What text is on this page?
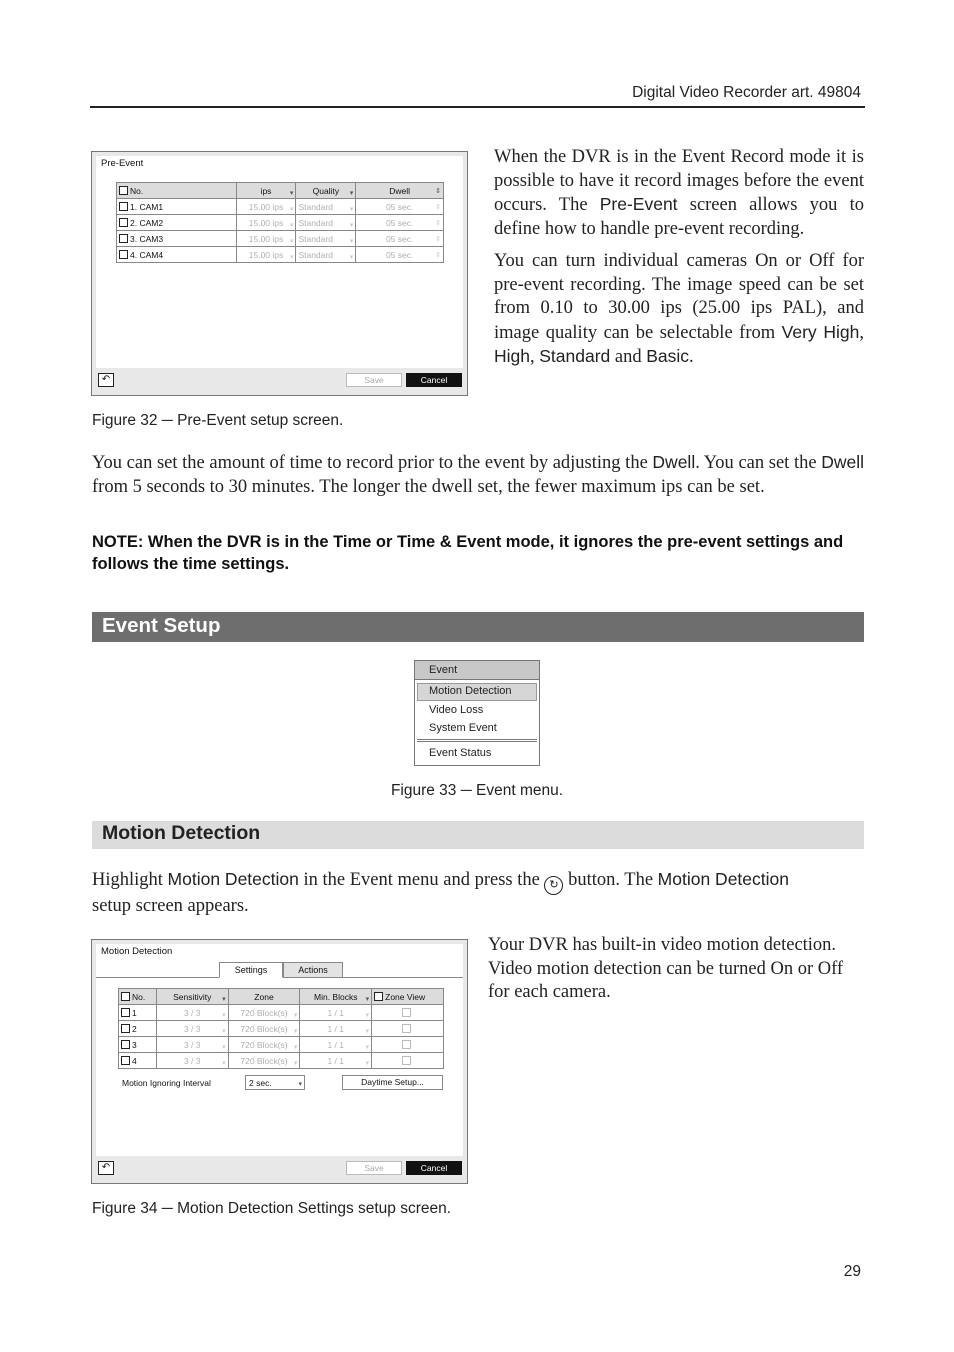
Digital Video Recorder art. 49804
Pre-Event
No.	ips ▾	Quality ▾	Dwell ⇕

1. CAM1	15.00 ips ▾	Standard ▾	05 sec. ⇕

2. CAM2	15.00 ips ▾	Standard ▾	05 sec. ⇕

3. CAM3	15.00 ips ▾	Standard ▾	05 sec. ⇕

4. CAM4	15.00 ips ▾	Standard ▾	05 sec. ⇕
↶	Save	Cancel
Figure 32 ─ Pre-Event setup screen.
When the DVR is in the Event Record mode it is possible to have it record images before the event occurs. The Pre-Event screen allows you to define how to handle pre-event recording.
You can turn individual cameras On or Off for pre-event recording. The image speed can be set from 0.10 to 30.00 ips (25.00 ips PAL), and image quality can be selectable from Very High, High, Standard and Basic.
You can set the amount of time to record prior to the event by adjusting the Dwell. You can set the Dwell from 5 seconds to 30 minutes. The longer the dwell set, the fewer maximum ips can be set.
NOTE: When the DVR is in the Time or Time & Event mode, it ignores the pre-event settings and follows the time settings.
Event Setup
Event
Motion Detection
Video Loss
System Event
Event Status
Figure 33 ─ Event menu.
Motion Detection
Highlight Motion Detection in the Event menu and press the ↻ button. The Motion Detection
setup screen appears.
Motion Detection
Settings	Actions
No.	Sensitivity ▾	Zone	Min. Blocks ▾	Zone View
1	3 / 3 ▾	720 Block(s) ▾	1 / 1 ▾	

2	3 / 3 ▾	720 Block(s) ▾	1 / 1 ▾	

3	3 / 3 ▾	720 Block(s) ▾	1 / 1 ▾	

4	3 / 3 ▾	720 Block(s) ▾	1 / 1 ▾	

Motion Ignoring Interval	2 sec.	▾	Daytime Setup...
↶	Save	Cancel
Figure 34 ─ Motion Detection Settings setup screen.
Your DVR has built-in video motion detection. Video motion detection can be turned On or Off for each camera.
29
